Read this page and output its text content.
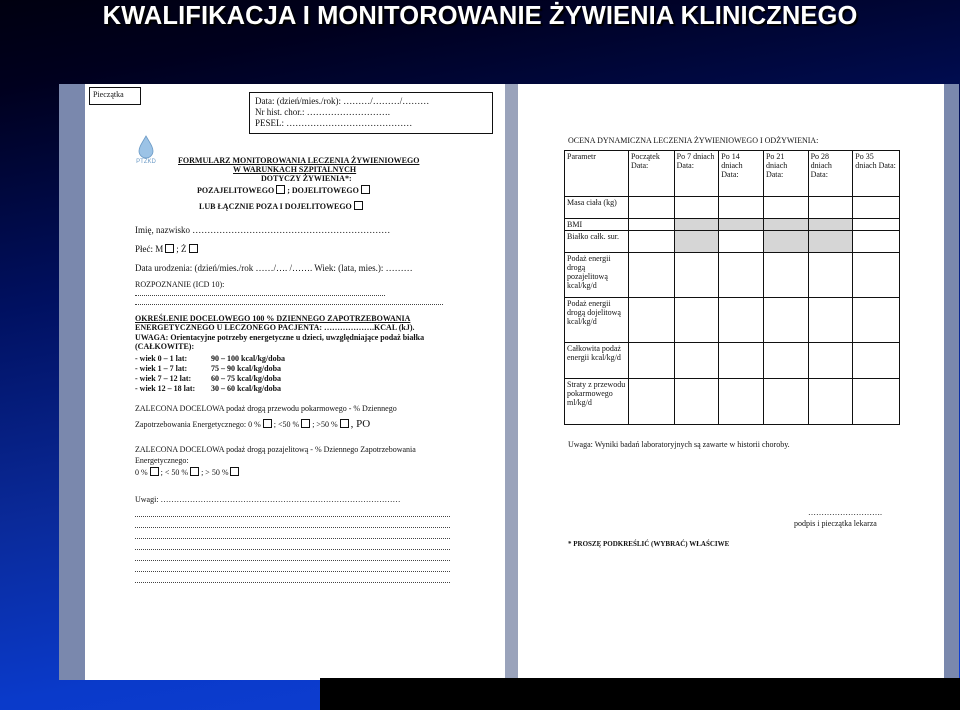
KWALIFIKACJA I MONITOROWANIE ŻYWIENIA KLINICZNEGO
Pieczątka
Data: (dzień/mies./rok): ………/………/………
Nr hist. chor.: ……………………….
PESEL: ……………………………………
PTŻKD	FORMULARZ MONITOROWANIA LECZENIA ŻYWIENIOWEGO
W WARUNKACH SZPITALNYCH
DOTYCZY ŻYWIENIA*:
POZAJELITOWEGO ; DOJELITOWEGO
LUB ŁĄCZNIE POZA I DOJELITOWEGO
Imię, nazwisko …………………………………………………………
Płeć: M ; Ż
Data urodzenia: (dzień/mies./rok ……/…. /……. Wiek: (lata, mies.): ………
ROZPOZNANIE (ICD 10):
OKREŚLENIE DOCELOWEGO 100 % DZIENNEGO ZAPOTRZEBOWANIA
ENERGETYCZNEGO U LECZONEGO PACJENTA: ……………….KCAL (kJ).
UWAGA: Orientacyjne potrzeby energetyczne u dzieci, uwzględniające podaż białka
(CAŁKOWITE):
- wiek 0 – 1 lat:	90 – 100 kcal/kg/doba
- wiek 1 – 7 lat:	75 – 90 kcal/kg/doba
- wiek 7 – 12 lat: 60 – 75 kcal/kg/doba
- wiek 12 – 18 lat: 30 – 60 kcal/kg/doba
ZALECONA DOCELOWA podaż drogą przewodu pokarmowego - % Dziennego
Zapotrzebowania Energetycznego: 0 % ; <50 % ; >50 % , PO
ZALECONA DOCELOWA podaż drogą pozajelitową - % Dziennego Zapotrzebowania
Energetycznego:
0 % ; < 50 % ; > 50 %
Uwagi: ………………………………………………………………………………
OCENA DYNAMICZNA LECZENIA ŻYWIENIOWEGO I ODŻYWIENIA:
Parametr	Początek Data:	Po 7 dniach Data:	Po 14 dniach Data:	Po 21 dniach Data:	Po 28 dniach Data:	Po 35 dniach Data:
Masa ciała (kg)						
BMI						
Białko całk. sur.						
Podaż energii drogą pozajelitową kcal/kg/d						
Podaż energii drogą dojelitową kcal/kg/d						
Całkowita podaż energii kcal/kg/d						
Straty z przewodu pokarmowego ml/kg/d						
Uwaga: Wyniki badań laboratoryjnych są zawarte w historii choroby.
……………………….
podpis i pieczątka lekarza
* PROSZĘ PODKREŚLIĆ (WYBRAĆ) WŁAŚCIWE
